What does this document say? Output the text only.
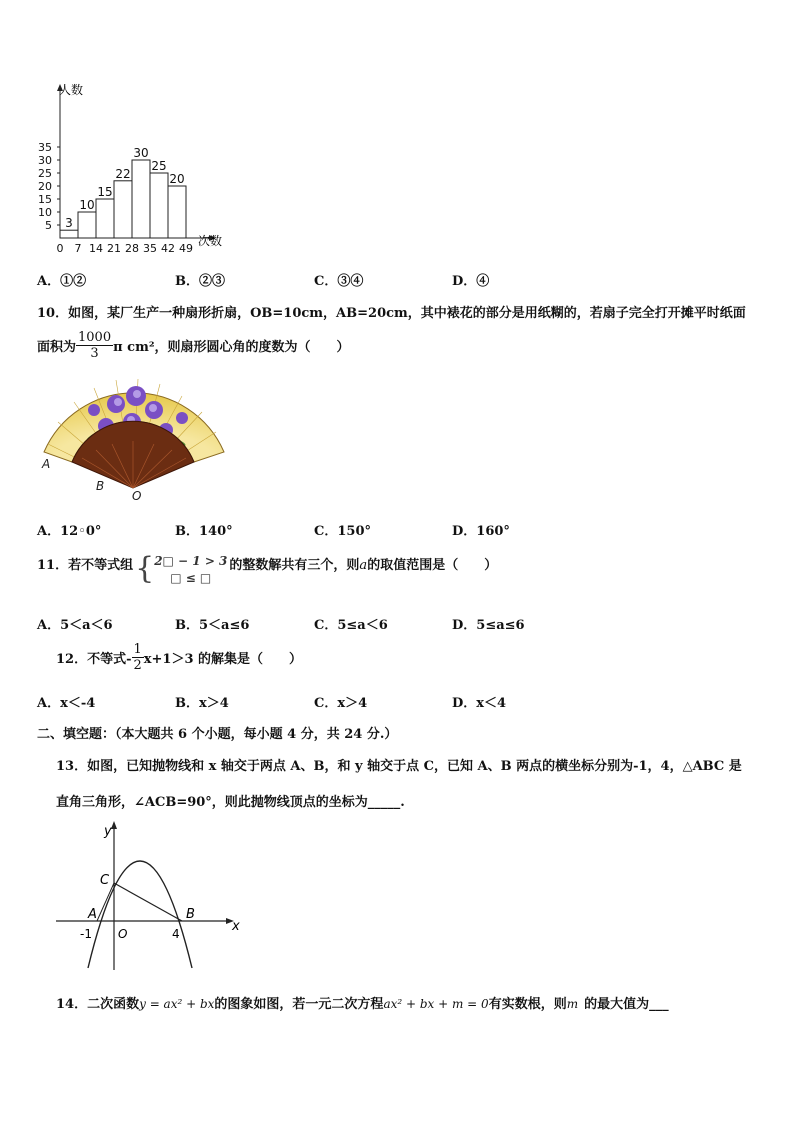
3
10
15
22
30
25
20
5
10
15
20
25
30
35
0 7 14 21 28 35 42 49
人数
次数
A．①②	B．②③	C．③④	D．④
10．如图，某厂生产一种扇形折扇，OB=10cm，AB=20cm，其中裱花的部分是用纸糊的，若扇子完全打开摊平时纸面
面积为 $\frac{1000}{3}$ π cm²，则扇形圆心角的度数为（　　）
A
B
O
A．12◦0°	B．140°	C．150°	D．160°
11．若不等式组 { 2□ − 1 > 3
□ ≤ □
的整数解共有三个，则a的取值范围是（　　）
A．5＜a＜6	B．5＜a≤6	C．5≤a＜6	D．5≤a≤6
12．不等式- $\frac{1}{2} x+1>3$ 的解集是（　　）
A．x＜-4	B．x＞4	C．x＞4	D．x＜4
二、填空题：（本大题共 6 个小题，每小题 4 分，共 24 分.）
13．如图，已知抛物线和 x 轴交于两点 A、B，和 y 轴交于点 C，已知 A、B 两点的横坐标分别为-1，4，△ABC 是
直角三角形，∠ACB=90°，则此抛物线顶点的坐标为_____.
y
x
C
A	B
O
-1	4
14．二次函数y = ax² + bx的图象如图，若一元二次方程ax² + bx + m = 0有实数根，则m 的最大值为___
